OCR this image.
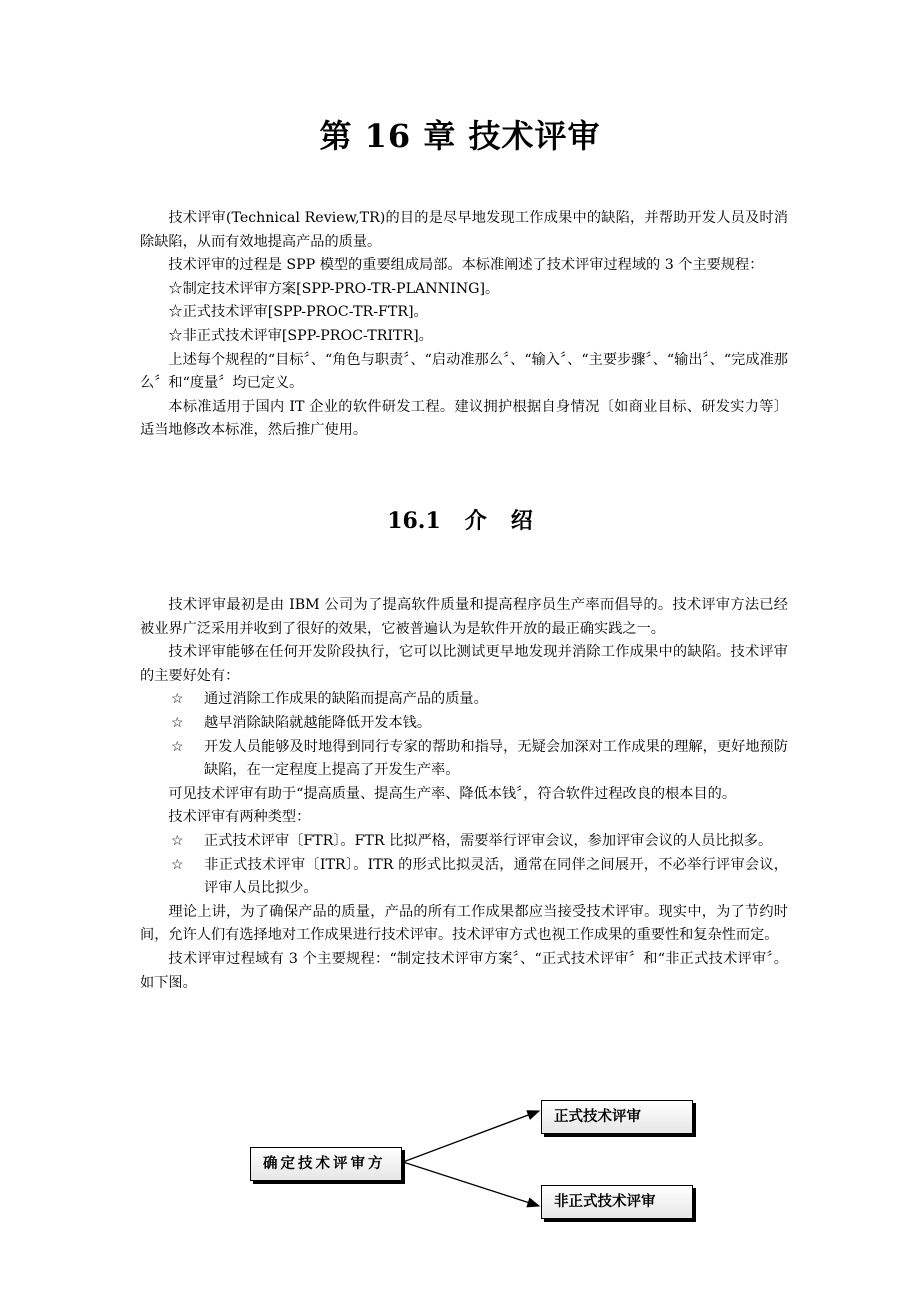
第 16 章 技术评审

技术评审(Technical Review,TR)的目的是尽早地发现工作成果中的缺陷，并帮助开发人员及时消除缺陷，从而有效地提高产品的质量。

技术评审的过程是 SPP 模型的重要组成局部。本标准阐述了技术评审过程域的 3 个主要规程：

☆制定技术评审方案[SPP-PRO-TR-PLANNING]。

☆正式技术评审[SPP-PROC-TR-FTR]。

☆非正式技术评审[SPP-PROC-TRITR]。

上述每个规程的“目标〞、“角色与职责〞、“启动准那么〞、“输入〞、“主要步骤〞、“输出〞、“完成准那么〞和“度量〞均已定义。

本标准适用于国内 IT 企业的软件研发工程。建议拥护根据自身情况〔如商业目标、研发实力等〕适当地修改本标准，然后推广使用。

16.1 介 绍

技术评审最初是由 IBM 公司为了提高软件质量和提高程序员生产率而倡导的。技术评审方法已经被业界广泛采用并收到了很好的效果，它被普遍认为是软件开放的最正确实践之一。

技术评审能够在任何开发阶段执行，它可以比测试更早地发现并消除工作成果中的缺陷。技术评审的主要好处有：

☆ 通过消除工作成果的缺陷而提高产品的质量。

☆ 越早消除缺陷就越能降低开发本钱。

☆ 开发人员能够及时地得到同行专家的帮助和指导，无疑会加深对工作成果的理解，更好地预防缺陷，在一定程度上提高了开发生产率。

可见技术评审有助于“提高质量、提高生产率、降低本钱〞，符合软件过程改良的根本目的。

技术评审有两种类型：

☆ 正式技术评审〔FTR〕。FTR 比拟严格，需要举行评审会议，参加评审会议的人员比拟多。

☆ 非正式技术评审〔ITR〕。ITR 的形式比拟灵活，通常在同伴之间展开，不必举行评审会议，评审人员比拟少。

理论上讲，为了确保产品的质量，产品的所有工作成果都应当接受技术评审。现实中，为了节约时间，允许人们有选择地对工作成果进行技术评审。技术评审方式也视工作成果的重要性和复杂性而定。

技术评审过程域有 3 个主要规程：“制定技术评审方案〞、“正式技术评审〞和“非正式技术评审〞。如下图。

确定技术评审方
正式技术评审
非正式技术评审
